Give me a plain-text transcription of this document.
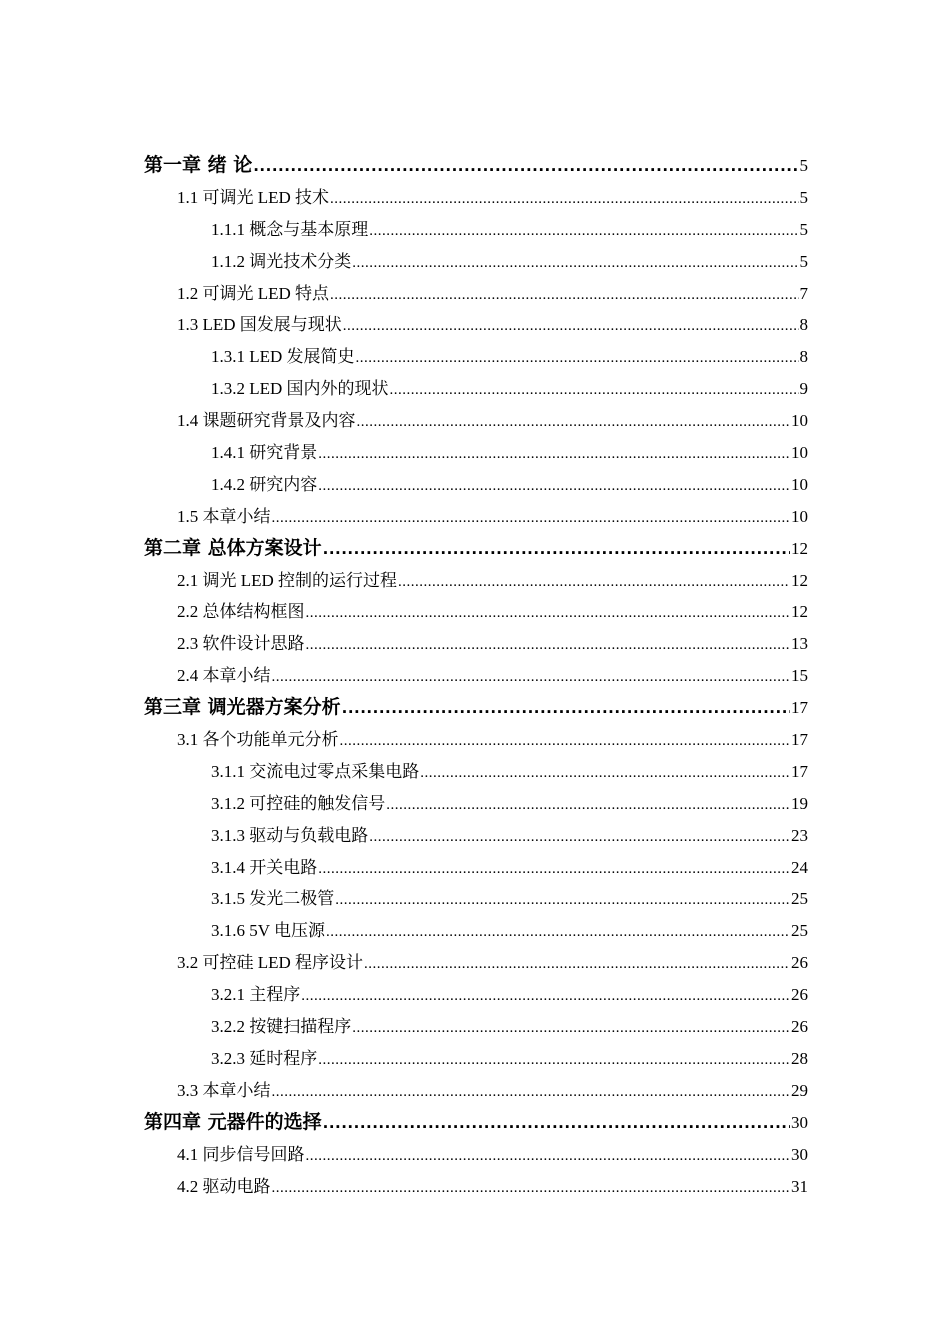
第一章 绪 论 .....	5
1.1 可调光 LED 技术 .....	5
1.1.1 概念与基本原理 .....	5
1.1.2 调光技术分类 .....	5
1.2 可调光 LED 特点 .....	7
1.3 LED 国发展与现状 .....	8
1.3.1 LED 发展简史 .....	8
1.3.2 LED 国内外的现状 .....	9
1.4 课题研究背景及内容 .....	10
1.4.1 研究背景 .....	10
1.4.2 研究内容 .....	10
1.5 本章小结 .....	10
第二章 总体方案设计 .....	12
2.1 调光 LED 控制的运行过程 .....	12
2.2 总体结构框图 .....	12
2.3 软件设计思路 .....	13
2.4 本章小结 .....	15
第三章 调光器方案分析 .....	17
3.1 各个功能单元分析 .....	17
3.1.1 交流电过零点采集电路 .....	17
3.1.2 可控硅的触发信号 .....	19
3.1.3 驱动与负载电路 .....	23
3.1.4 开关电路 .....	24
3.1.5 发光二极管 .....	25
3.1.6 5V 电压源 .....	25
3.2 可控硅 LED 程序设计 .....	26
3.2.1 主程序 .....	26
3.2.2 按键扫描程序 .....	26
3.2.3 延时程序 .....	28
3.3 本章小结 .....	29
第四章 元器件的选择 .....	30
4.1 同步信号回路 .....	30
4.2 驱动电路 .....	31
